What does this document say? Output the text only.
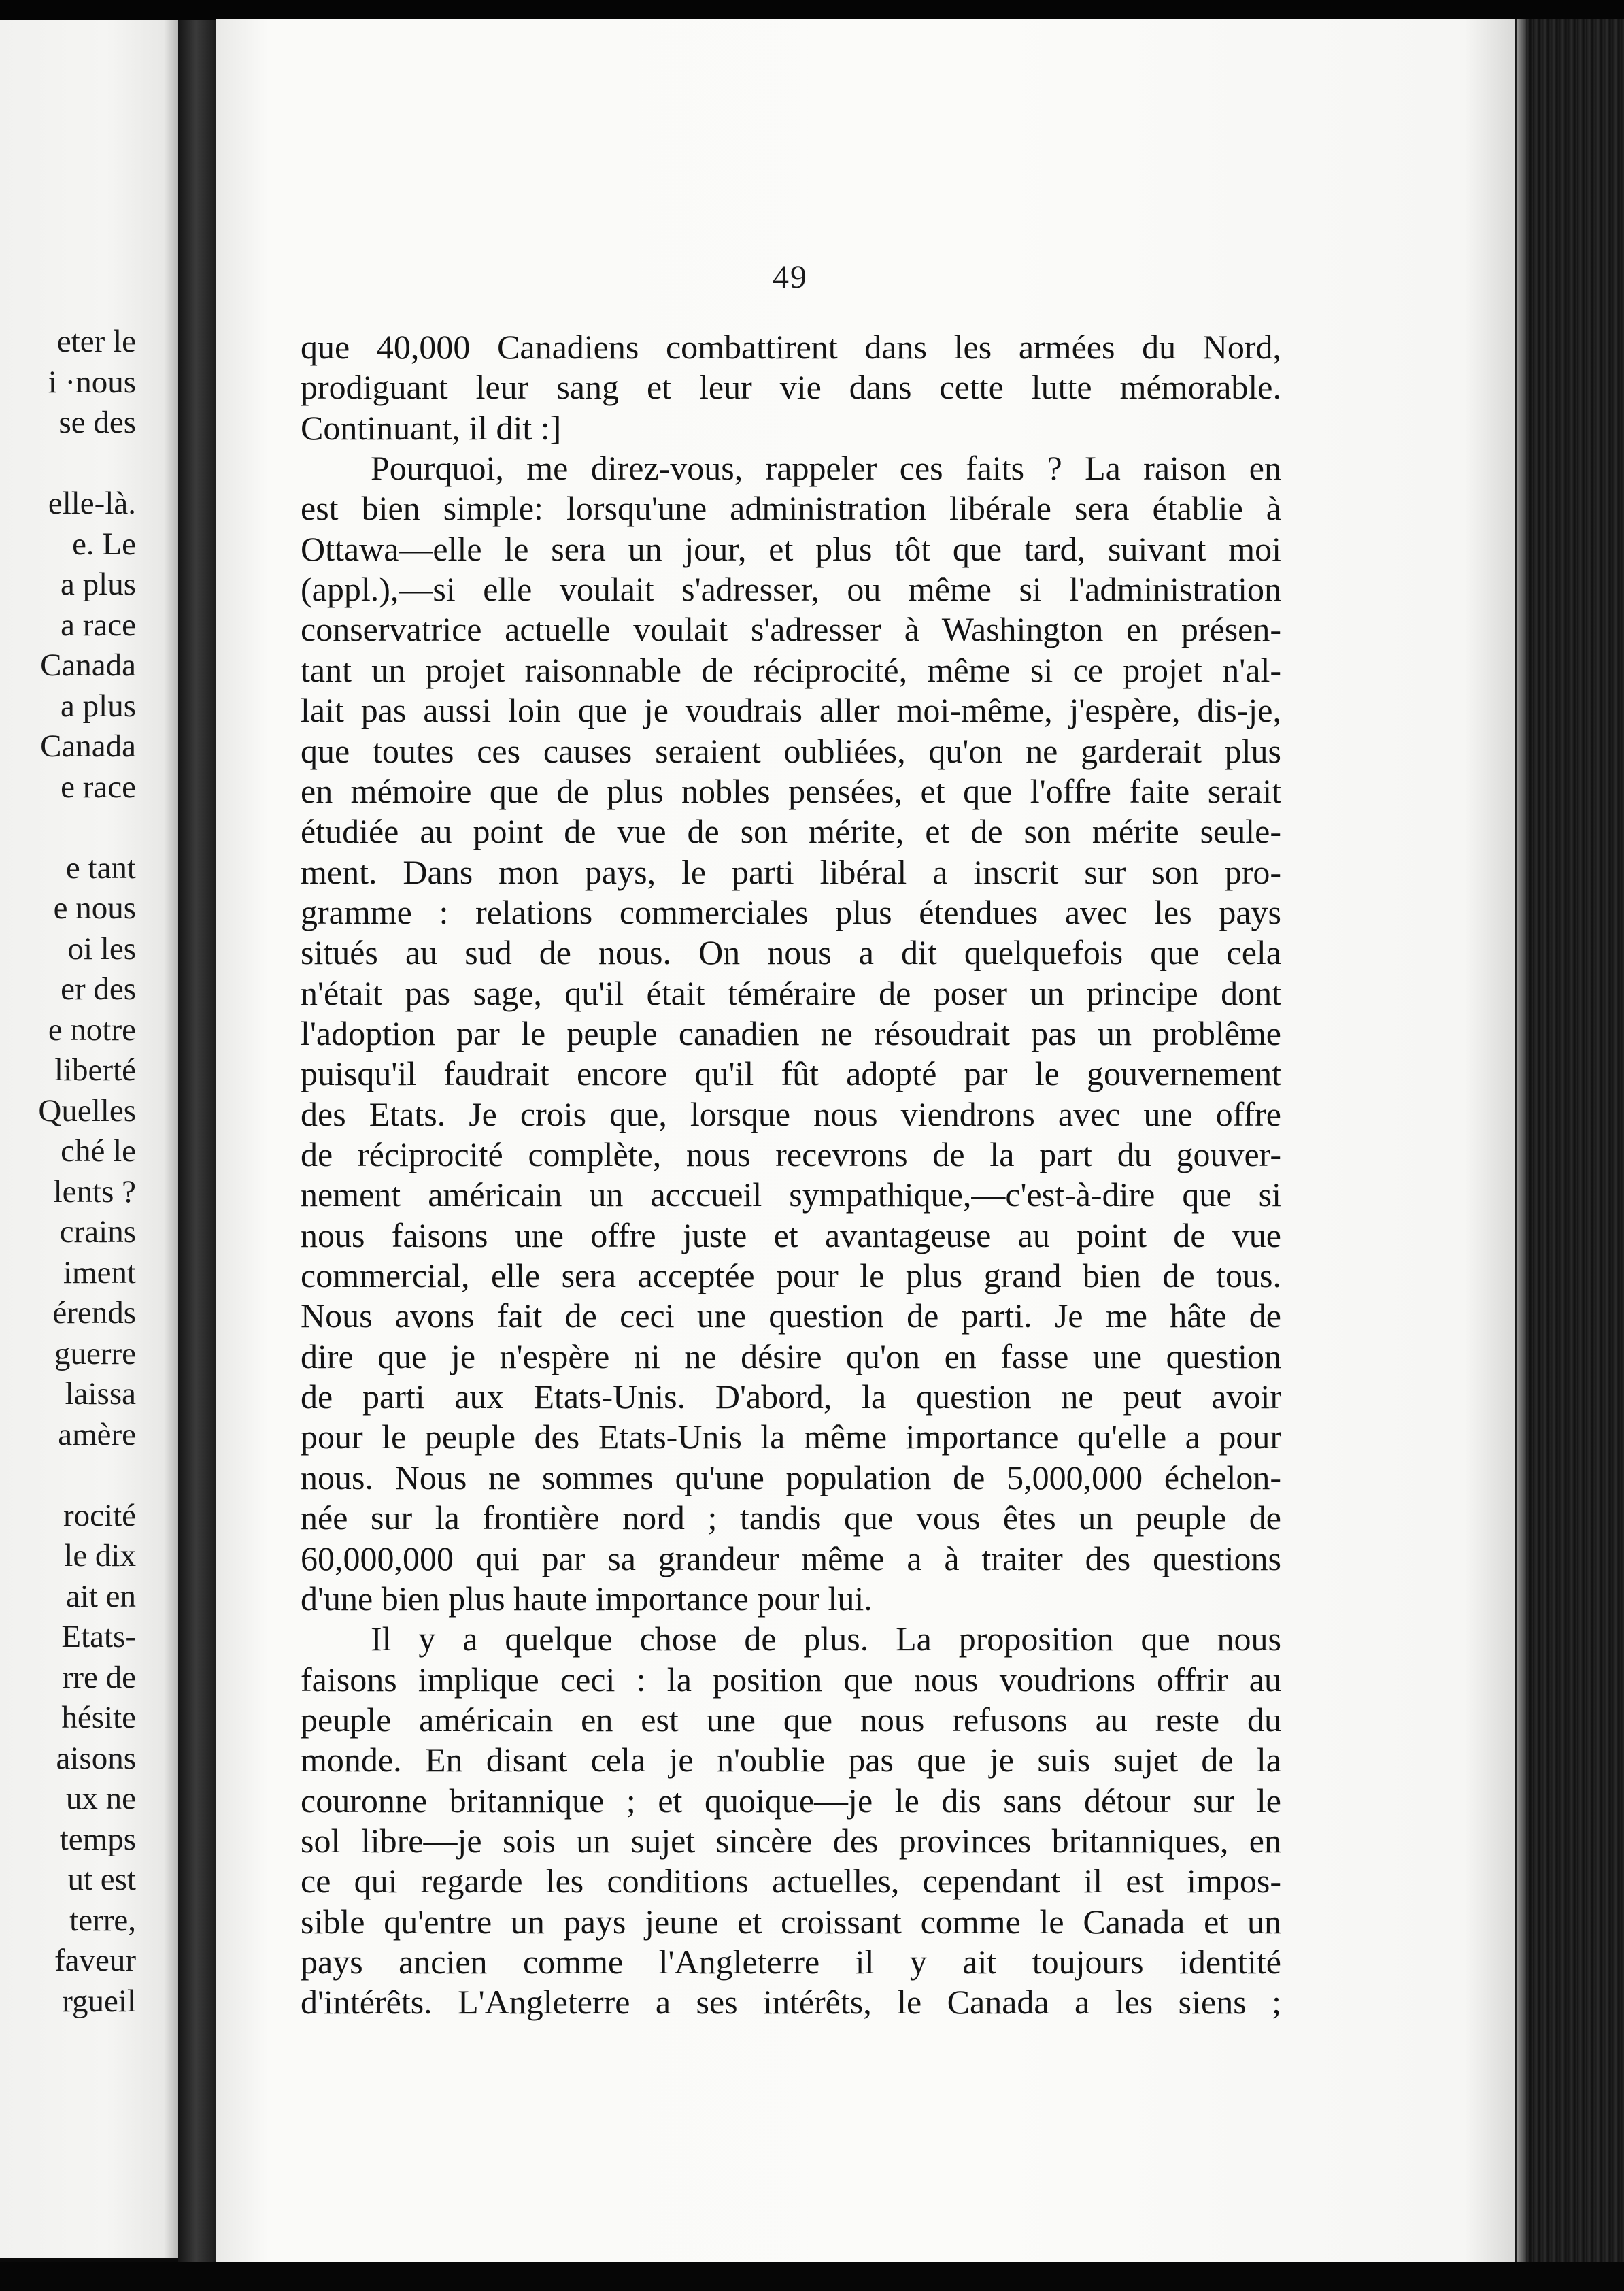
eter le
i ·nous
se des
elle-là.
e. Le
a plus
a race
Canada
a plus
Canada
e race
e tant
e nous
oi les
er des
e notre
liberté
Quelles
ché le
lents ?
crains
iment
érends
guerre
laissa
amère
rocité
le dix
ait en
Etats-
rre de
hésite
aisons
ux ne
temps
ut est
terre,
faveur
rgueil
49
que 40,000 Canadiens combattirent dans les armées du Nord,
prodiguant leur sang et leur vie dans cette lutte mémorable.
Continuant, il dit :]
Pourquoi, me direz-vous, rappeler ces faits ? La raison en
est bien simple: lorsqu'une administration libérale sera établie à
Ottawa—elle le sera un jour, et plus tôt que tard, suivant moi
(appl.),—si elle voulait s'adresser, ou même si l'administration
conservatrice actuelle voulait s'adresser à Washington en présen-
tant un projet raisonnable de réciprocité, même si ce projet n'al-
lait pas aussi loin que je voudrais aller moi-même, j'espère, dis-je,
que toutes ces causes seraient oubliées, qu'on ne garderait plus
en mémoire que de plus nobles pensées, et que l'offre faite serait
étudiée au point de vue de son mérite, et de son mérite seule-
ment. Dans mon pays, le parti libéral a inscrit sur son pro-
gramme : relations commerciales plus étendues avec les pays
situés au sud de nous. On nous a dit quelquefois que cela
n'était pas sage, qu'il était téméraire de poser un principe dont
l'adoption par le peuple canadien ne résoudrait pas un problême
puisqu'il faudrait encore qu'il fût adopté par le gouvernement
des Etats. Je crois que, lorsque nous viendrons avec une offre
de réciprocité complète, nous recevrons de la part du gouver-
nement américain un acccueil sympathique,—c'est-à-dire que si
nous faisons une offre juste et avantageuse au point de vue
commercial, elle sera acceptée pour le plus grand bien de tous.
Nous avons fait de ceci une question de parti. Je me hâte de
dire que je n'espère ni ne désire qu'on en fasse une question
de parti aux Etats-Unis. D'abord, la question ne peut avoir
pour le peuple des Etats-Unis la même importance qu'elle a pour
nous. Nous ne sommes qu'une population de 5,000,000 échelon-
née sur la frontière nord ; tandis que vous êtes un peuple de
60,000,000 qui par sa grandeur même a à traiter des questions
d'une bien plus haute importance pour lui.
Il y a quelque chose de plus. La proposition que nous
faisons implique ceci : la position que nous voudrions offrir au
peuple américain en est une que nous refusons au reste du
monde. En disant cela je n'oublie pas que je suis sujet de la
couronne britannique ; et quoique—je le dis sans détour sur le
sol libre—je sois un sujet sincère des provinces britanniques, en
ce qui regarde les conditions actuelles, cependant il est impos-
sible qu'entre un pays jeune et croissant comme le Canada et un
pays ancien comme l'Angleterre il y ait toujours identité
d'intérêts. L'Angleterre a ses intérêts, le Canada a les siens ;
